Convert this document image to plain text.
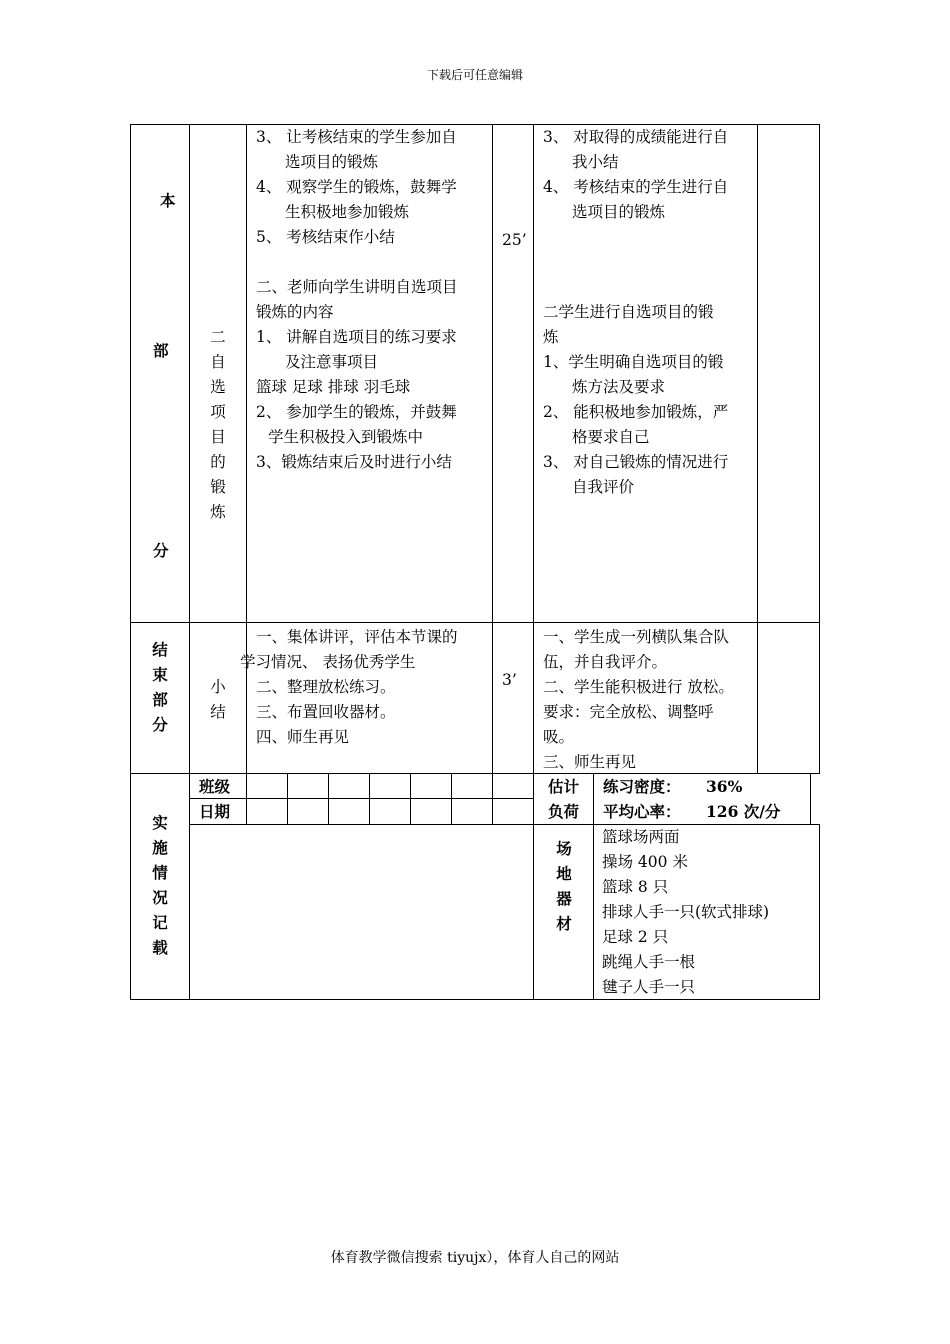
下载后可任意编辑
本
部
分
二
自
选
项
目
的
锻
炼
3、 让考核结束的学生参加自
选项目的锻炼
4、 观察学生的锻炼，鼓舞学
生积极地参加锻炼
5、 考核结束作小结
二、老师向学生讲明自选项目
锻炼的内容
1、 讲解自选项目的练习要求
及注意事项目
篮球 足球 排球 羽毛球
2、 参加学生的锻炼，并鼓舞
学生积极投入到锻炼中
3、锻炼结束后及时进行小结
25’
3、 对取得的成绩能进行自
我小结
4、 考核结束的学生进行自
选项目的锻炼
二学生进行自选项目的锻
炼
1、学生明确自选项目的锻
炼方法及要求
2、 能积极地参加锻炼，严
格要求自己
3、 对自己锻炼的情况进行
自我评价
结
束
部
分
小
结
一、集体讲评，评估本节课的
学习情况、 表扬优秀学生
二、整理放松练习。
三、布置回收器材。
四、师生再见
3’
一、学生成一列横队集合队
伍，并自我评介。
二、学生能积极进行 放松。
要求：完全放松、调整呼
吸。
三、师生再见
实
施
情
况
记
载
班级
日期
估计
负荷
练习密度： 36%
平均心率： 126 次/分
场
地
器
材
篮球场两面
操场 400 米
篮球 8 只
排球人手一只(软式排球)
足球 2 只
跳绳人手一根
毽子人手一只
体育教学微信搜索 tiyujx），体育人自己的网站
